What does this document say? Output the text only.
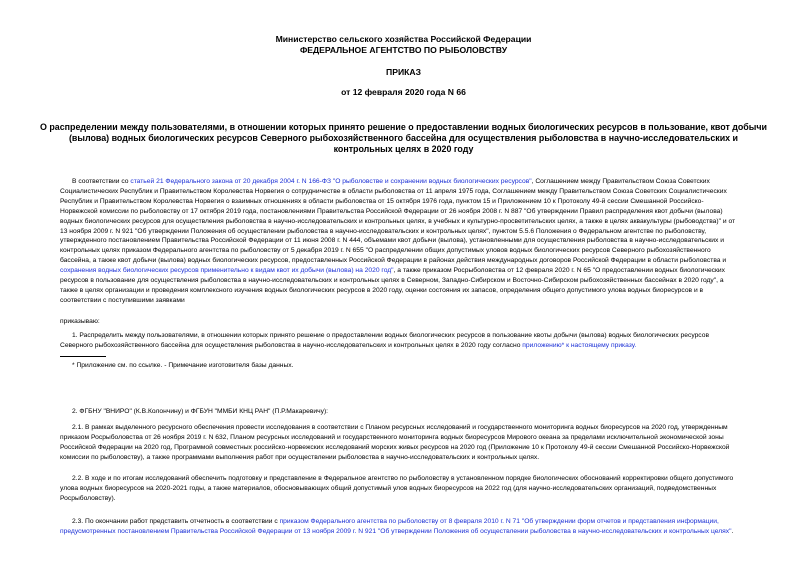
Министерство сельского хозяйства Российской Федерации
ФЕДЕРАЛЬНОЕ АГЕНТСТВО ПО РЫБОЛОВСТВУ
ПРИКАЗ
от 12 февраля 2020 года N 66
О распределении между пользователями, в отношении которых принято решение о предоставлении водных биологических ресурсов в пользование, квот добычи
(вылова) водных биологических ресурсов Северного рыбохозяйственного бассейна для осуществления рыболовства в научно-исследовательских и
контрольных целях в 2020 году
В соответствии со статьей 21 Федерального закона от 20 декабря 2004 г. N 166-ФЗ "О рыболовстве и сохранении водных биологических ресурсов", Соглашением между Правительством Союза Советских
Социалистических Республик и Правительством Королевства Норвегия о сотрудничестве в области рыболовства от 11 апреля 1975 года, Соглашением между Правительством Союза Советских Социалистических
Республик и Правительством Королевства Норвегия о взаимных отношениях в области рыболовства от 15 октября 1976 года, пунктом 15 и Приложением 10 к Протоколу 49-й сессии Смешанной Российско-
Норвежской комиссии по рыболовству от 17 октября 2019 года, постановлениями Правительства Российской Федерации от 26 ноября 2008 г. N 887 "Об утверждении Правил распределения квот добычи (вылова)
водных биологических ресурсов для осуществления рыболовства в научно-исследовательских и контрольных целях, в учебных и культурно-просветительских целях, а также в целях аквакультуры (рыбоводства)" и от
13 ноября 2009 г. N 921 "Об утверждении Положения об осуществлении рыболовства в научно-исследовательских и контрольных целях", пунктом 5.5.6 Положения о Федеральном агентстве по рыболовству,
утвержденного постановлением Правительства Российской Федерации от 11 июня 2008 г. N 444, объемами квот добычи (вылова), установленными для осуществления рыболовства в научно-исследовательских и
контрольных целях приказом Федерального агентства по рыболовству от 5 декабря 2019 г. N 655 "О распределении общих допустимых уловов водных биологических ресурсов Северного рыбохозяйственного
бассейна, а также квот добычи (вылова) водных биологических ресурсов, предоставленных Российской Федерации в районах действия международных договоров Российской Федерации в области рыболовства и
сохранения водных биологических ресурсов применительно к видам квот их добычи (вылова) на 2020 год", а также приказом Росрыболовства от 12 февраля 2020 г. N 65 "О предоставлении водных биологических
ресурсов в пользование для осуществления рыболовства в научно-исследовательских и контрольных целях в Северном, Западно-Сибирском и Восточно-Сибирском рыбохозяйственных бассейнах в 2020 году", а
также в целях организации и проведения комплексного изучения водных биологических ресурсов в 2020 году, оценки состояния их запасов, определения общего допустимого улова водных биоресурсов и в
соответствии с поступившими заявками
приказываю:
1. Распределить между пользователями, в отношении которых принято решение о предоставлении водных биологических ресурсов в пользование квоты добычи (вылова) водных биологических ресурсов
Северного рыбохозяйственного бассейна для осуществления рыболовства в научно-исследовательских и контрольных целях в 2020 году согласно приложению* к настоящему приказу.
* Приложение см. по ссылке. - Примечание изготовителя базы данных.
2. ФГБНУ "ВНИРО" (К.В.Колончину) и ФГБУН "ММБИ КНЦ РАН" (П.Р.Макаревичу):
2.1. В рамках выделенного ресурсного обеспечения провести исследования в соответствии с Планом ресурсных исследований и государственного мониторинга водных биоресурсов на 2020 год, утвержденным
приказом Росрыболовства от 26 ноября 2019 г. N 632, Планом ресурсных исследований и государственного мониторинга водных биоресурсов Мирового океана за пределами исключительной экономической зоны
Российской Федерации на 2020 год, Программой совместных российско-норвежских исследований морских живых ресурсов на 2020 год (Приложение 10 к Протоколу 49-й сессии Смешанной Российско-Норвежской
комиссии по рыболовству), а также программами выполнения работ при осуществлении рыболовства в научно-исследовательских и контрольных целях.
2.2. В ходе и по итогам исследований обеспечить подготовку и представление в Федеральное агентство по рыболовству в установленном порядке биологических обоснований корректировки общего допустимого
улова водных биоресурсов на 2020-2021 годы, а также материалов, обосновывающих общий допустимый улов водных биоресурсов на 2022 год (для научно-исследовательских организаций, подведомственных
Росрыболовству).
2.3. По окончании работ представить отчетность в соответствии с приказом Федерального агентства по рыболовству от 8 февраля 2010 г. N 71 "Об утверждении форм отчетов и представления информации,
предусмотренных постановлением Правительства Российской Федерации от 13 ноября 2009 г. N 921 "Об утверждении Положения об осуществлении рыболовства в научно-исследовательских и контрольных целях".
